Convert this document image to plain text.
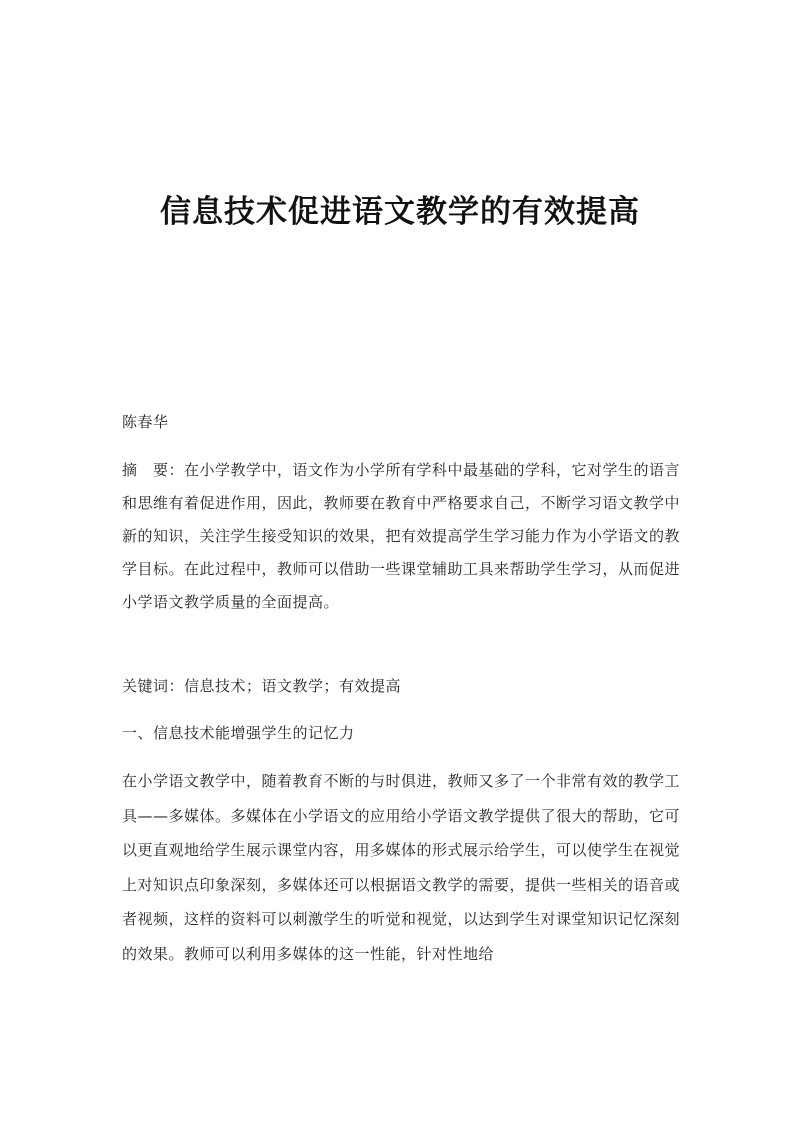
信息技术促进语文教学的有效提高
陈春华
摘　要：在小学教学中，语文作为小学所有学科中最基础的学科，它对学生的语言和思维有着促进作用，因此，教师要在教育中严格要求自己，不断学习语文教学中新的知识，关注学生接受知识的效果，把有效提高学生学习能力作为小学语文的教学目标。在此过程中，教师可以借助一些课堂辅助工具来帮助学生学习，从而促进小学语文教学质量的全面提高。
关键词：信息技术；语文教学；有效提高
一、信息技术能增强学生的记忆力
在小学语文教学中，随着教育不断的与时俱进，教师又多了一个非常有效的教学工具——多媒体。多媒体在小学语文的应用给小学语文教学提供了很大的帮助，它可以更直观地给学生展示课堂内容，用多媒体的形式展示给学生，可以使学生在视觉上对知识点印象深刻，多媒体还可以根据语文教学的需要，提供一些相关的语音或者视频，这样的资料可以刺激学生的听觉和视觉，以达到学生对课堂知识记忆深刻的效果。教师可以利用多媒体的这一性能，针对性地给
